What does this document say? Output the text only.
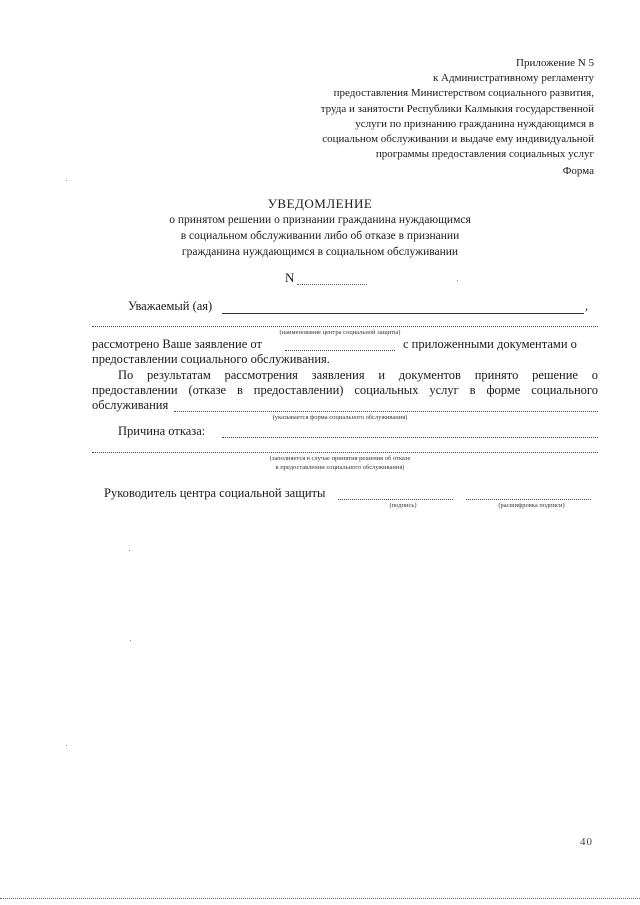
Приложение N 5
к Административному регламенту
предоставления Министерством социального развития,
труда и занятости Республики Калмыкия государственной
услуги по признанию гражданина нуждающимся в
социальном обслуживании и выдаче ему индивидуальной
программы предоставления социальных услуг
Форма
УВЕДОМЛЕНИЕ
о принятом решении о признании гражданина нуждающимся
в социальном обслуживании либо об отказе в признании
гражданина нуждающимся в социальном обслуживании
N
Уважаемый (ая)	,
(наименование центра социальной защиты)
рассмотрено Ваше заявление от	с приложенными документами о
предоставлении социального обслуживания.
По результатам рассмотрения заявления и документов принято решение о
предоставлении (отказе в предоставлении) социальных услуг в форме социального
обслуживания
(указывается форма социального обслуживания)
Причина отказа:
(заполняется в случае принятия решения об отказе
в предоставлении социального обслуживания)
Руководитель центра социальной защиты
(подпись)	(расшифровка подписи)
40
